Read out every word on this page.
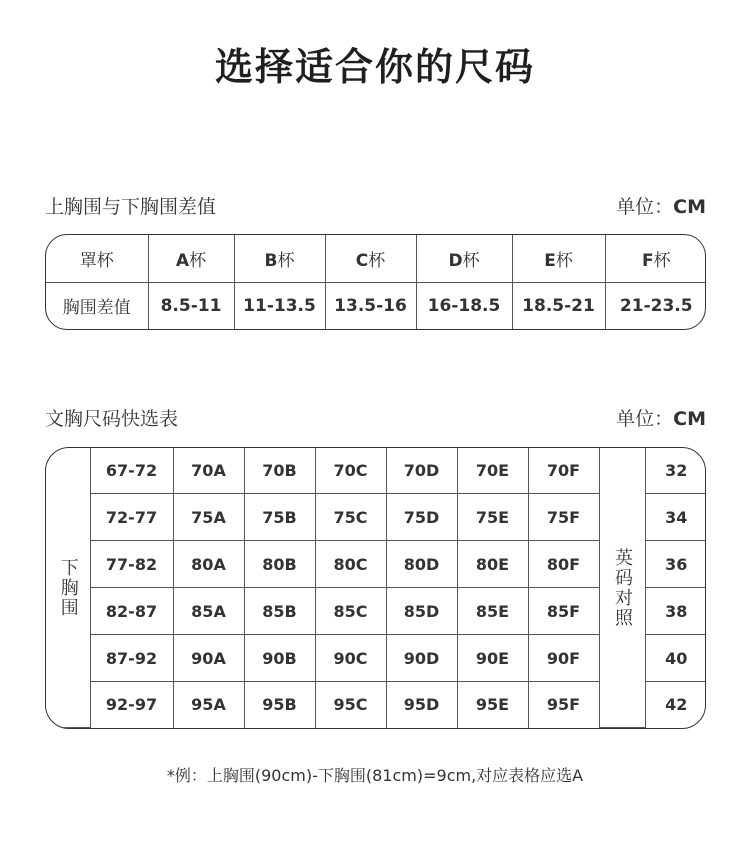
选择适合你的尺码
上胸围与下胸围差值	单位：CM
罩杯	A杯	B杯	C杯	D杯	E杯	F杯
胸围差值	8.5-11	11-13.5	13.5-16	16-18.5	18.5-21	21-23.5
文胸尺码快选表	单位：CM
下胸围	67-72	70A	70B	70C	70D	70E	70F	英码对照	32
	72-77	75A	75B	75C	75D	75E	75F		34
	77-82	80A	80B	80C	80D	80E	80F		36
	82-87	85A	85B	85C	85D	85E	85F		38
	87-92	90A	90B	90C	90D	90E	90F		40
	92-97	95A	95B	95C	95D	95E	95F		42
*例：上胸围(90cm)-下胸围(81cm)=9cm,对应表格应选A
